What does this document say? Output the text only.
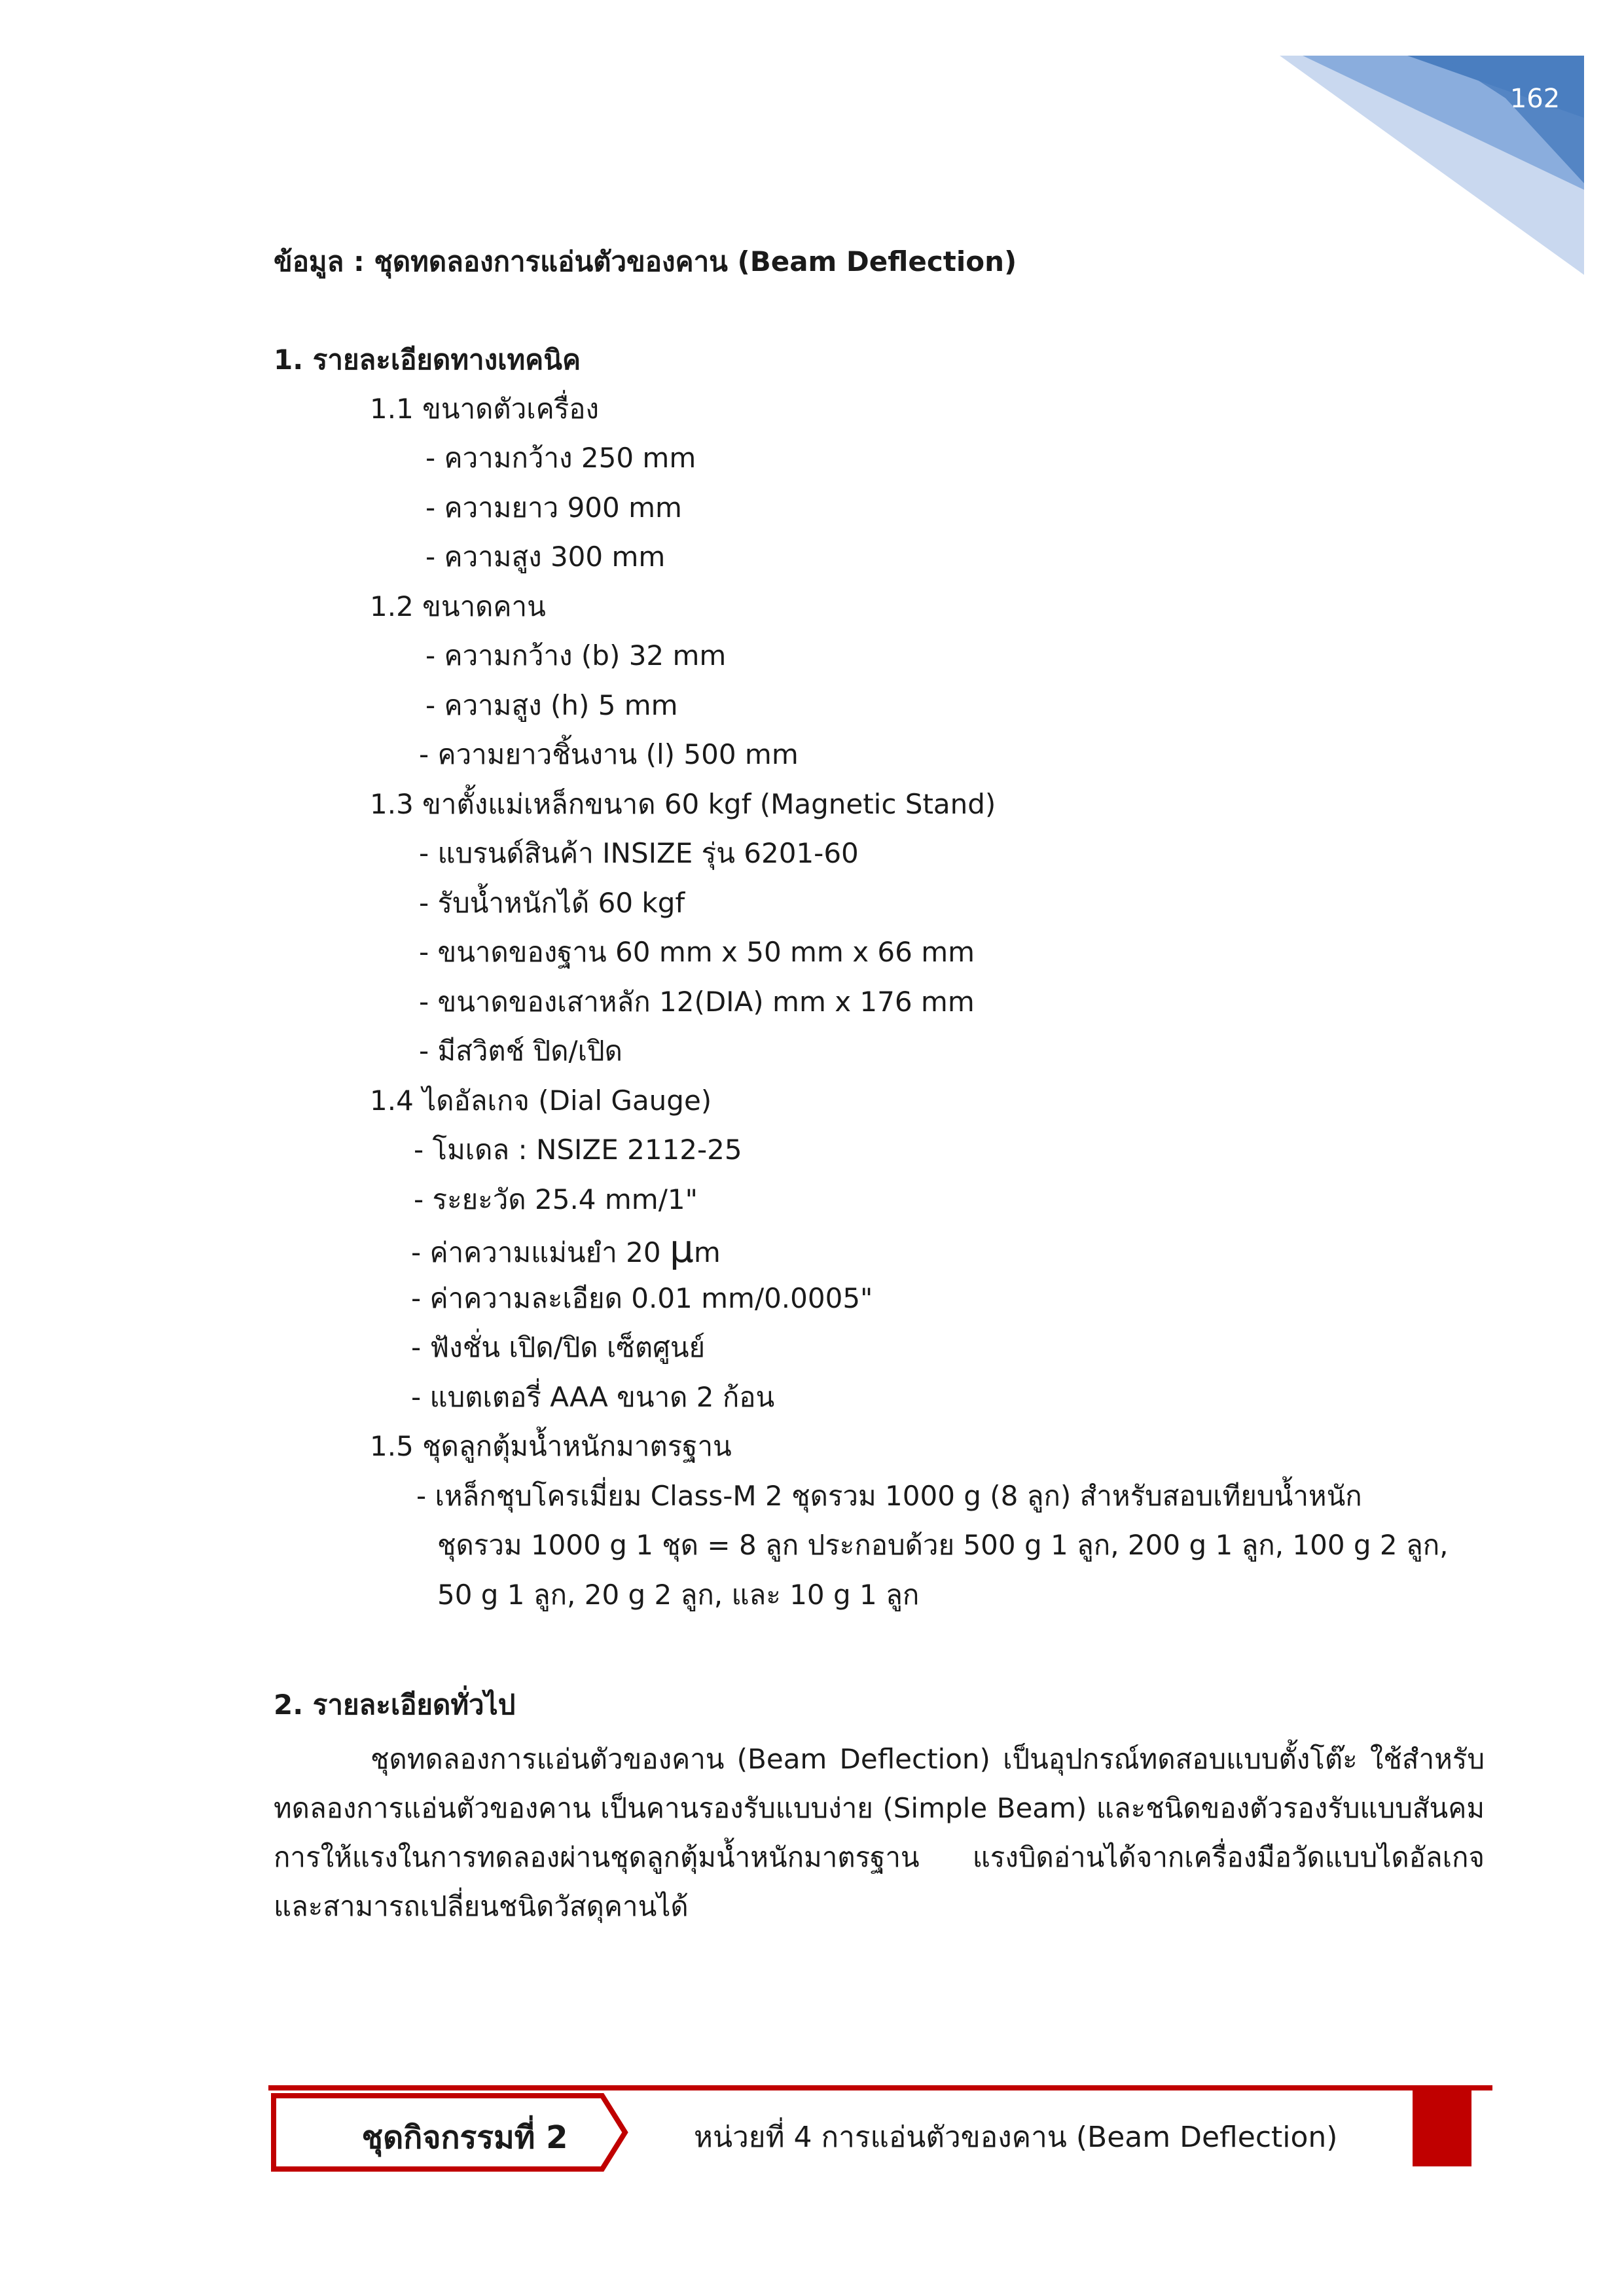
162
ข้อมูล : ชุดทดลองการแอ่นตัวของคาน (Beam Deflection)
1. รายละเอียดทางเทคนิค
1.1 ขนาดตัวเครื่อง
- ความกว้าง 250 mm
- ความยาว 900 mm
- ความสูง 300 mm
1.2 ขนาดคาน
- ความกว้าง (b) 32 mm
- ความสูง (h) 5 mm
- ความยาวชิ้นงาน (l) 500 mm
1.3 ขาตั้งแม่เหล็กขนาด 60 kgf (Magnetic Stand)
- แบรนด์สินค้า INSIZE รุ่น 6201-60
- รับน้ำหนักได้ 60 kgf
- ขนาดของฐาน 60 mm x 50 mm x 66 mm
- ขนาดของเสาหลัก 12(DIA) mm x 176 mm
- มีสวิตช์ ปิด/เปิด
1.4 ไดอัลเกจ (Dial Gauge)
- โมเดล : NSIZE 2112-25
- ระยะวัด 25.4 mm/1"
- ค่าความแม่นยำ 20 μm
- ค่าความละเอียด 0.01 mm/0.0005"
- ฟังชั่น เปิด/ปิด เซ็ตศูนย์
- แบตเตอรี่ AAA ขนาด 2 ก้อน
1.5 ชุดลูกตุ้มน้ำหนักมาตรฐาน
- เหล็กชุบโครเมี่ยม Class-M 2 ชุดรวม 1000 g (8 ลูก) สำหรับสอบเทียบน้ำหนัก
ชุดรวม 1000 g 1 ชุด = 8 ลูก ประกอบด้วย 500 g 1 ลูก, 200 g 1 ลูก, 100 g 2 ลูก,
50 g 1 ลูก, 20 g 2 ลูก, และ 10 g 1 ลูก
2. รายละเอียดทั่วไป
ชุดทดลองการแอ่นตัวของคาน (Beam Deflection) เป็นอุปกรณ์ทดสอบแบบตั้งโต๊ะ ใช้สำหรับทดลองการแอ่นตัวของคาน เป็นคานรองรับแบบง่าย (Simple Beam) และชนิดของตัวรองรับแบบสันคม การให้แรงในการทดลองผ่านชุดลูกตุ้มน้ำหนักมาตรฐาน แรงบิดอ่านได้จากเครื่องมือวัดแบบไดอัลเกจ และสามารถเปลี่ยนชนิดวัสดุคานได้
ชุดกิจกรรมที่ 2	หน่วยที่ 4 การแอ่นตัวของคาน (Beam Deflection)
